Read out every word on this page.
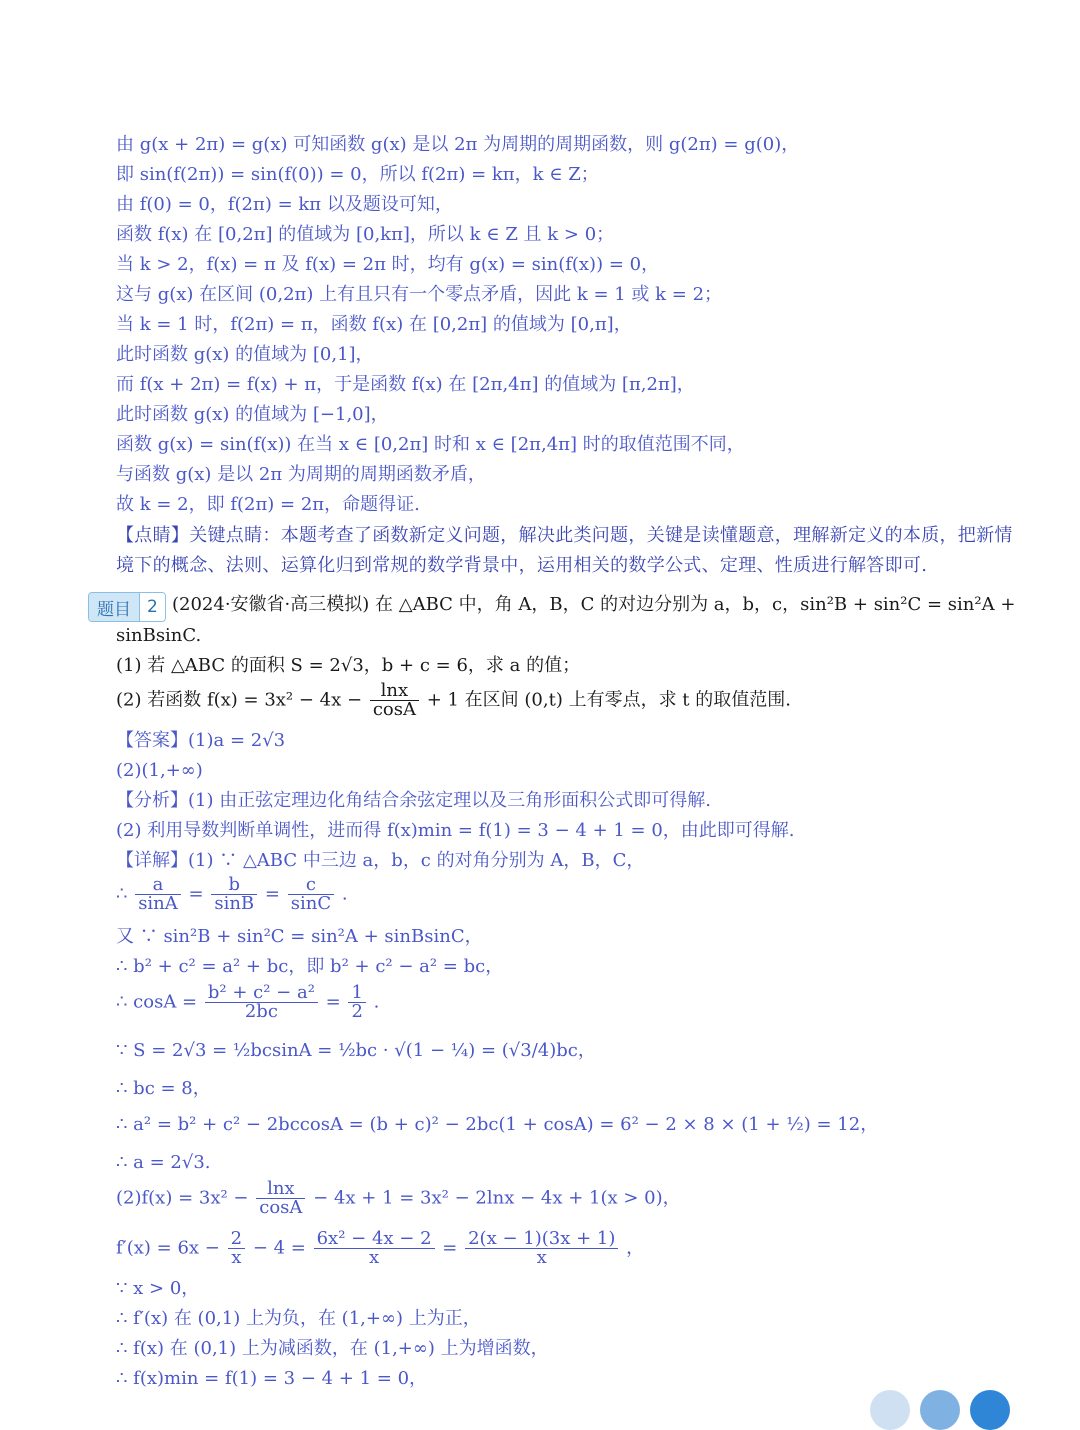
由 g(x + 2π) = g(x) 可知函数 g(x) 是以 2π 为周期的周期函数，则 g(2π) = g(0)，
即 sin(f(2π)) = sin(f(0)) = 0，所以 f(2π) = kπ，k ∈ Z；
由 f(0) = 0，f(2π) = kπ 以及题设可知，
函数 f(x) 在 [0,2π] 的值域为 [0,kπ]，所以 k ∈ Z 且 k > 0；
当 k > 2，f(x) = π 及 f(x) = 2π 时，均有 g(x) = sin(f(x)) = 0，
这与 g(x) 在区间 (0,2π) 上有且只有一个零点矛盾，因此 k = 1 或 k = 2；
当 k = 1 时，f(2π) = π，函数 f(x) 在 [0,2π] 的值域为 [0,π]，
此时函数 g(x) 的值域为 [0,1]，
而 f(x + 2π) = f(x) + π，于是函数 f(x) 在 [2π,4π] 的值域为 [π,2π]，
此时函数 g(x) 的值域为 [−1,0]，
函数 g(x) = sin(f(x)) 在当 x ∈ [0,2π] 时和 x ∈ [2π,4π] 时的取值范围不同，
与函数 g(x) 是以 2π 为周期的周期函数矛盾，
故 k = 2，即 f(2π) = 2π，命题得证.
【点睛】关键点睛：本题考查了函数新定义问题，解决此类问题，关键是读懂题意，理解新定义的本质，把新情
境下的概念、法则、运算化归到常规的数学背景中，运用相关的数学公式、定理、性质进行解答即可.
题目 2 (2024·安徽省·高三模拟) 在 △ABC 中，角 A，B，C 的对边分别为 a，b，c，sin²B + sin²C = sin²A +
sinBsinC.
(1) 若 △ABC 的面积 S = 2√3，b + c = 6，求 a 的值；
(2) 若函数 $f(x) = 3x^2 - 4x - \frac{\ln x}{\cos A} + 1$ 在区间 (0,t) 上有零点，求 t 的取值范围.
【答案】(1)a = 2√3
(2)(1,+∞)
【分析】(1) 由正弦定理边化角结合余弦定理以及三角形面积公式即可得解.
(2) 利用导数判断单调性，进而得 f(x)min = f(1) = 3 − 4 + 1 = 0，由此即可得解.
【详解】(1) ∵ △ABC 中三边 a，b，c 的对角分别为 A，B，C，
∴ $\frac{a}{\sin A} = \frac{b}{\sin B} = \frac{c}{\sin C}$ .
又 ∵ sin²B + sin²C = sin²A + sinBsinC，
∴ b² + c² = a² + bc，即 b² + c² − a² = bc，
∴ $\cos A = \frac{\text{b² + c² − a²}}{2bc} = \frac{1}{2}$ .
∵ S = 2√3 = ½bcsinA = ½bc · √(1 − ¼) = (√3/4)bc，
∴ bc = 8，
∴ a² = b² + c² − 2bccosA = (b + c)² − 2bc(1 + cosA) = 6² − 2 × 8 × (1 + ½) = 12，
∴ a = 2√3.
$(2)f(x) = 3x^2 - \frac{\ln x}{\cos A} - 4x + 1 = 3x^2 - 2\ln x - 4x + 1(x > 0)$，
$f'(x) = 6x - \frac{2}{x} - 4 = \frac{\text{6x² − 4x − 2}}{x} = \frac{2(x - 1)(3x + 1)}{x}$ ，
∵ x > 0，
∴ f′(x) 在 (0,1) 上为负，在 (1,+∞) 上为正，
∴ f(x) 在 (0,1) 上为减函数，在 (1,+∞) 上为增函数，
∴ f(x)min = f(1) = 3 − 4 + 1 = 0，
